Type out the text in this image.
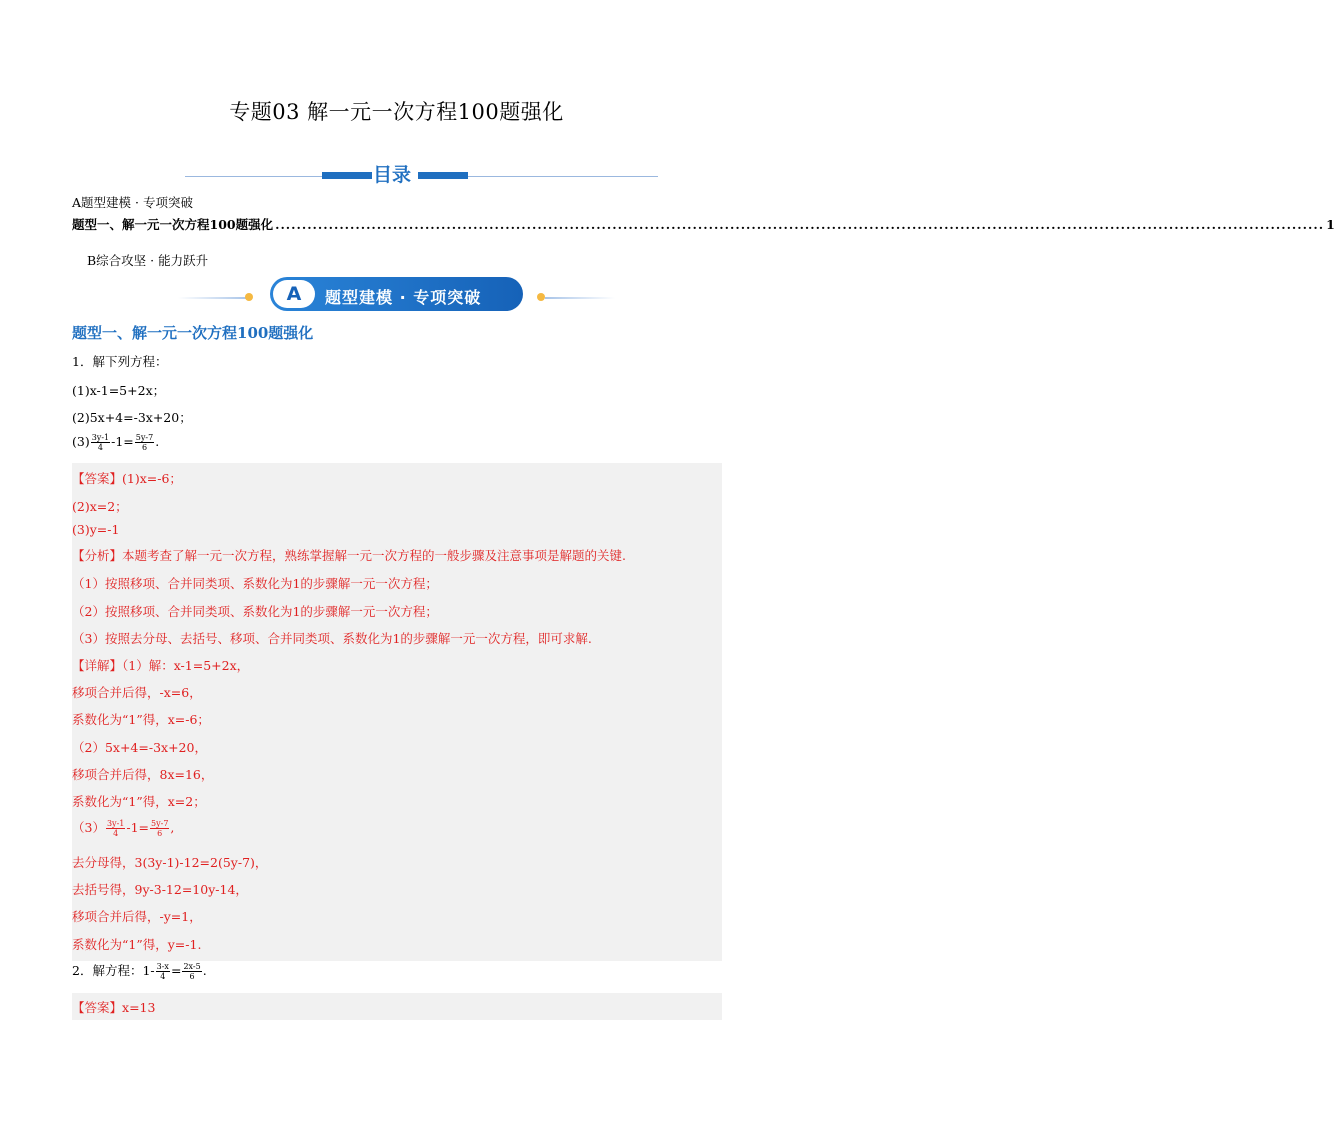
专题03 解一元一次方程100题强化
目录
A题型建模 · 专项突破
题型一、解一元一次方程100题强化 .................................................................................................................................................................................................... 1
B综合攻坚 · 能力跃升
A	题型建模 · 专项突破
题型一、解一元一次方程100题强化
1．解下列方程：
(1)x-1=5+2x；
(2)5x+4=-3x+20；
$(3) \frac{3y-1}{4} -1= \frac{5y-7}{6}$ .
【答案】(1)x=-6；
(2)x=2；
(3)y=-1
【分析】本题考查了解一元一次方程，熟练掌握解一元一次方程的一般步骤及注意事项是解题的关键.
（1）按照移项、合并同类项、系数化为1的步骤解一元一次方程；
（2）按照移项、合并同类项、系数化为1的步骤解一元一次方程；
（3）按照去分母、去括号、移项、合并同类项、系数化为1的步骤解一元一次方程，即可求解.
【详解】（1）解：x-1=5+2x，
移项合并后得，-x=6，
系数化为“1”得，x=-6；
（2）5x+4=-3x+20，
移项合并后得，8x=16，
系数化为“1”得，x=2；
$(3) \frac{3y-1}{4} -1= \frac{5y-7}{6}$ ,
去分母得，3(3y-1)-12=2(5y-7)，
去括号得，9y-3-12=10y-14，
移项合并后得，-y=1，
系数化为“1”得，y=-1.
2．解方程：$1- \frac{3-x}{4} = \frac{2x-5}{6}$ .
【答案】x=13
